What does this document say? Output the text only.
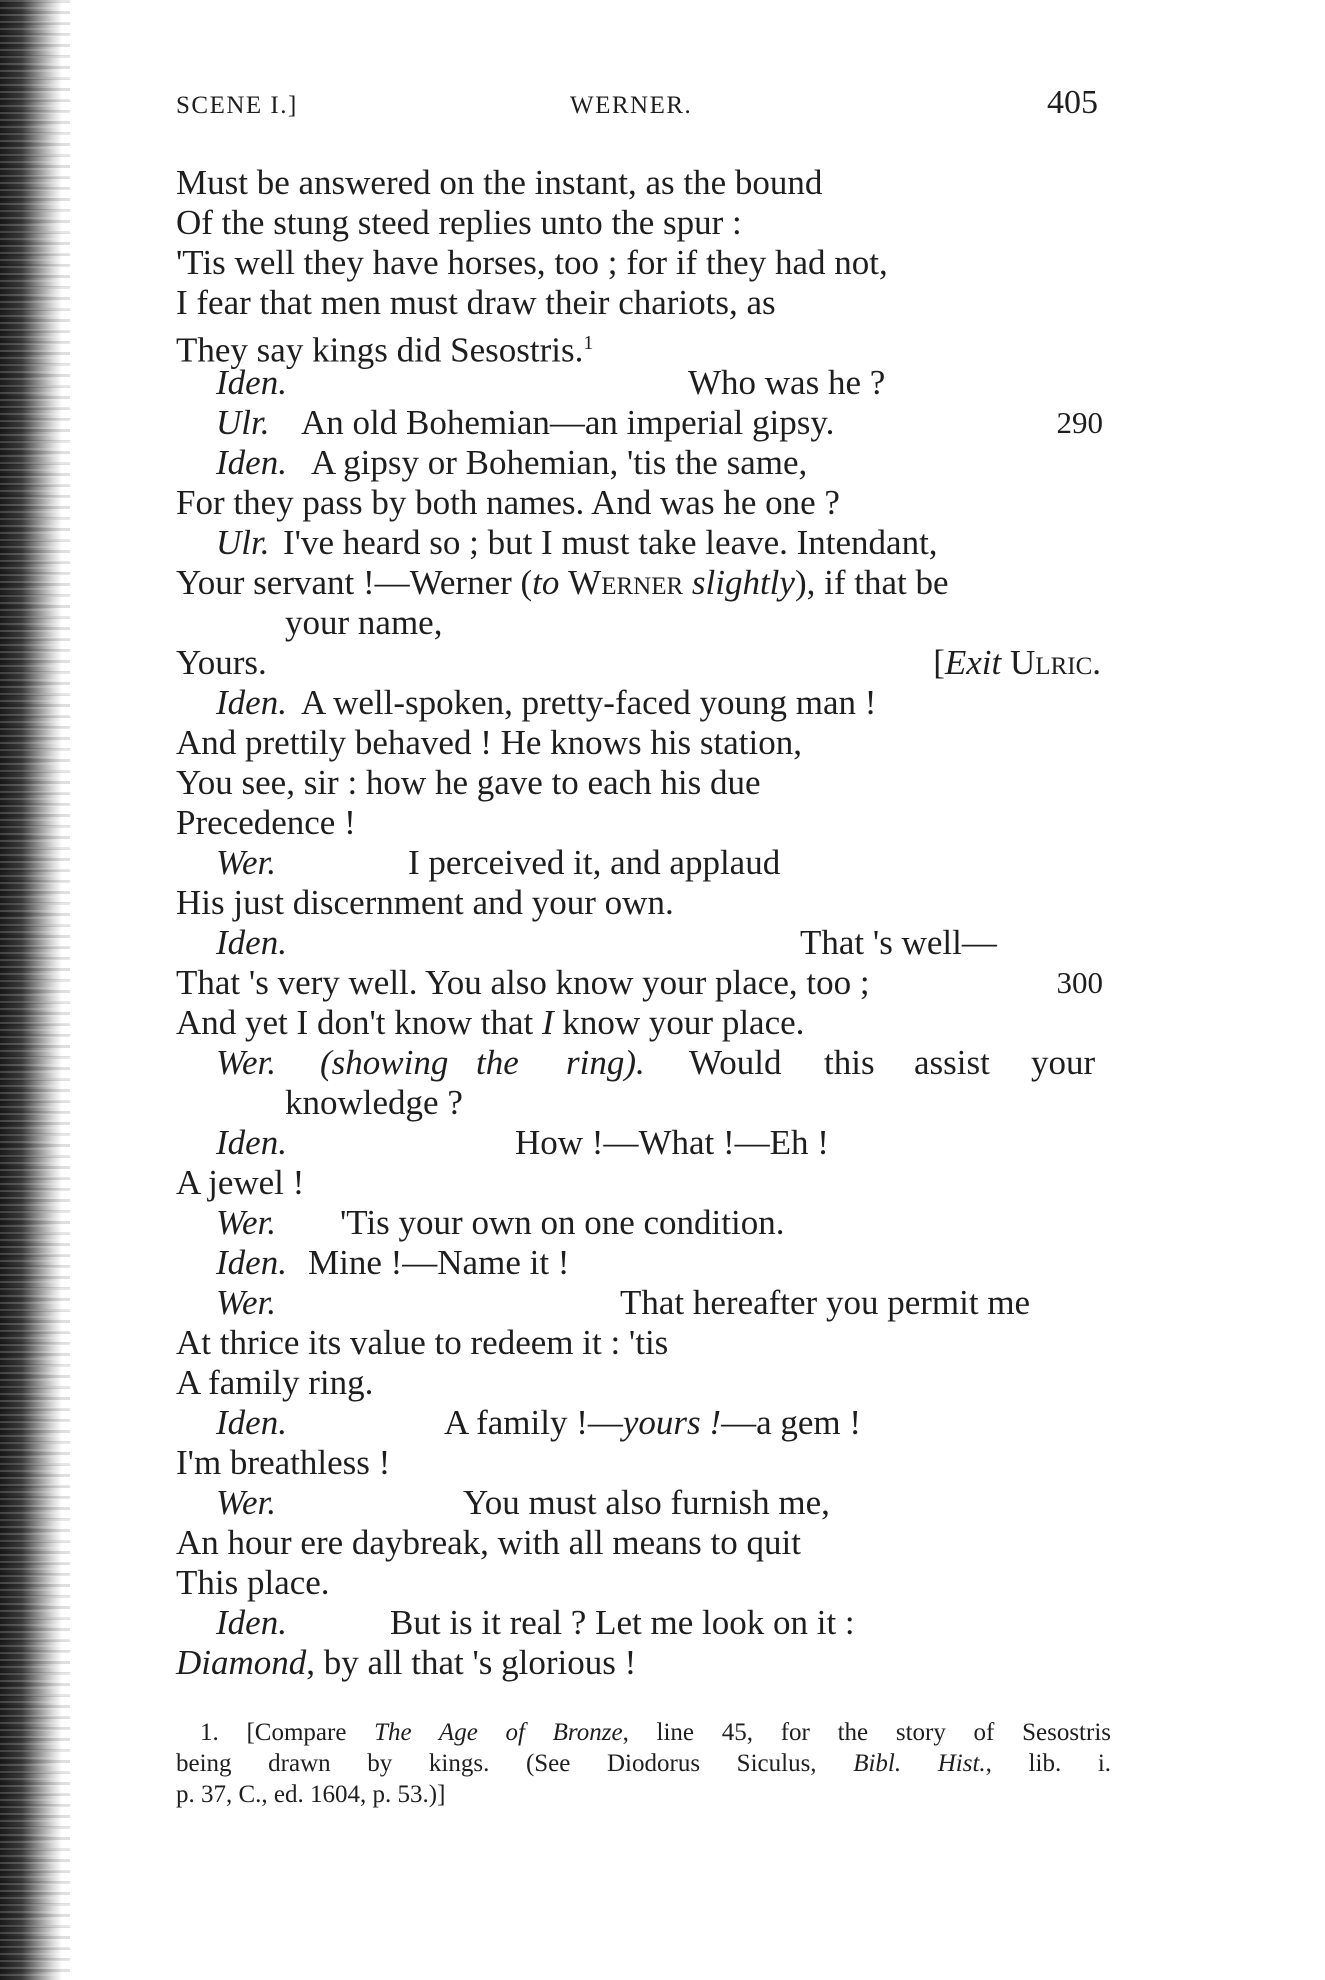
SCENE I.]	WERNER.	405
Must be answered on the instant, as the bound
Of the stung steed replies unto the spur :
'Tis well they have horses, too ; for if they had not,
I fear that men must draw their chariots, as
They say kings did Sesostris.$^1$
Iden.	Who was he ?
Ulr. An old Bohemian—an imperial gipsy.	290
Iden. A gipsy or Bohemian, 'tis the same,
For they pass by both names. And was he one ?
Ulr. I've heard so ; but I must take leave. Intendant,
Your servant !—Werner (to Werner slightly), if that be
your name,
Yours.	[Exit Ulric.
Iden. A well-spoken, pretty-faced young man !
And prettily behaved ! He knows his station,
You see, sir : how he gave to each his due
Precedence !
Wer.	I perceived it, and applaud
His just discernment and your own.
Iden.	That 's well—
That 's very well. You also know your place, too ;	300
And yet I don't know that I know your place.
Wer. (showing the ring). Would this assist your
knowledge ?
Iden.	How !—What !—Eh !
A jewel !
Wer. 'Tis your own on one condition.
Iden. Mine !—Name it !
Wer.	That hereafter you permit me
At thrice its value to redeem it : 'tis
A family ring.
Iden.	A family !—yours !—a gem !
I'm breathless !
Wer.	You must also furnish me,
An hour ere daybreak, with all means to quit
This place.
Iden.	But is it real ? Let me look on it :
Diamond, by all that 's glorious !
1. [Compare The Age of Bronze, line 45, for the story of Sesostris
being drawn by kings. (See Diodorus Siculus, Bibl. Hist., lib. i.
p. 37, C., ed. 1604, p. 53.)]
